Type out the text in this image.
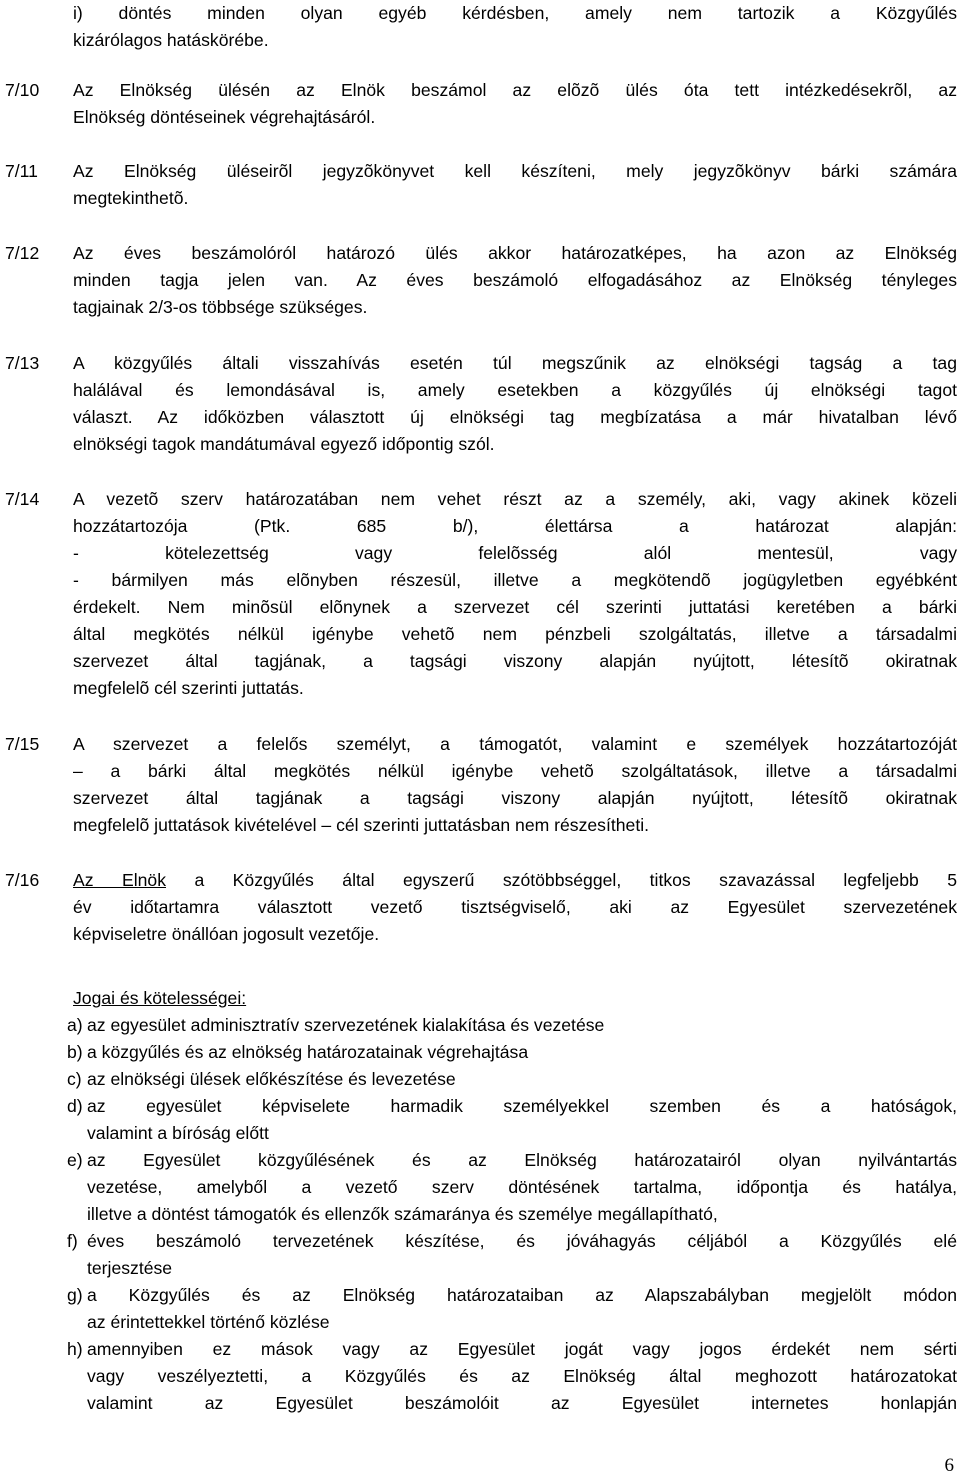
i) döntés minden olyan egyéb kérdésben, amely nem tartozik a Közgyűlés
kizárólagos hatáskörébe.
7/10 Az Elnökség ülésén az Elnök beszámol az elõzõ ülés óta tett intézkedésekrõl, az
Elnökség döntéseinek végrehajtásáról.
7/11 Az Elnökség üléseirõl jegyzõkönyvet kell készíteni, mely jegyzõkönyv bárki számára
megtekinthetõ.
7/12 Az éves beszámolóról határozó ülés akkor határozatképes, ha azon az Elnökség
minden tagja jelen van. Az éves beszámoló elfogadásához az Elnökség tényleges
tagjainak 2/3-os többsége szükséges.
7/13 A közgyűlés általi visszahívás esetén túl megszűnik az elnökségi tagság a tag
halálával és lemondásával is, amely esetekben a közgyűlés új elnökségi tagot
választ. Az időközben választott új elnökségi tag megbízatása a már hivatalban lévő
elnökségi tagok mandátumával egyező időpontig szól.
7/14 A vezetõ szerv határozatában nem vehet részt az a személy, aki, vagy akinek közeli
hozzátartozója (Ptk. 685 b/), élettársa a határozat alapján:
- kötelezettség vagy felelõsség alól mentesül, vagy
- bármilyen más elõnyben részesül, illetve a megkötendõ jogügyletben egyébként
érdekelt. Nem minõsül elõnynek a szervezet cél szerinti juttatási keretében a bárki
által megkötés nélkül igénybe vehetõ nem pénzbeli szolgáltatás, illetve a társadalmi
szervezet által tagjának, a tagsági viszony alapján nyújtott, létesítõ okiratnak
megfelelõ cél szerinti juttatás.
7/15 A szervezet a felelős személyt, a támogatót, valamint e személyek hozzátartozóját
– a bárki által megkötés nélkül igénybe vehetõ szolgáltatások, illetve a társadalmi
szervezet által tagjának a tagsági viszony alapján nyújtott, létesítõ okiratnak
megfelelõ juttatások kivételével – cél szerinti juttatásban nem részesítheti.
7/16 Az Elnök a Közgyűlés által egyszerű szótöbbséggel, titkos szavazással legfeljebb 5
év időtartamra választott vezető tisztségviselő, aki az Egyesület szervezetének
képviseletre önállóan jogosult vezetője.
Jogai és kötelességei:
a) az egyesület adminisztratív szervezetének kialakítása és vezetése
b) a közgyűlés és az elnökség határozatainak végrehajtása
c) az elnökségi ülések előkészítése és levezetése
d) az egyesület képviselete harmadik személyekkel szemben és a hatóságok,
valamint a bíróság előtt
e) az Egyesület közgyűlésének és az Elnökség határozatairól olyan nyilvántartás
vezetése, amelyből a vezető szerv döntésének tartalma, időpontja és hatálya,
illetve a döntést támogatók és ellenzők számaránya és személye megállapítható,
f) éves beszámoló tervezetének készítése, és jóváhagyás céljából a Közgyűlés elé
terjesztése
g) a Közgyűlés és az Elnökség határozataiban az Alapszabályban megjelölt módon
az érintettekkel történő közlése
h) amennyiben ez mások vagy az Egyesület jogát vagy jogos érdekét nem sérti
vagy veszélyeztetti, a Közgyűlés és az Elnökség által meghozott határozatokat
valamint az Egyesület beszámolóit az Egyesület internetes honlapján
6
